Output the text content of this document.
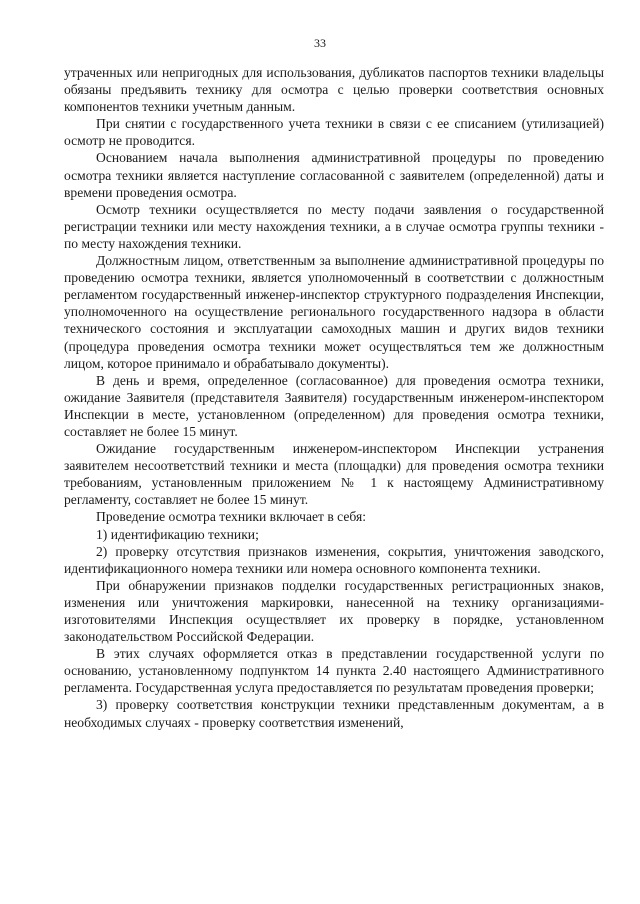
33

утраченных или непригодных для использования, дубликатов паспортов техники владельцы обязаны предъявить технику для осмотра с целью проверки соответствия основных компонентов техники учетным данным.

При снятии с государственного учета техники в связи с ее списанием (утилизацией) осмотр не проводится.

Основанием начала выполнения административной процедуры по проведению осмотра техники является наступление согласованной с заявителем (определенной) даты и времени проведения осмотра.

Осмотр техники осуществляется по месту подачи заявления о государственной регистрации техники или месту нахождения техники, а в случае осмотра группы техники - по месту нахождения техники.

Должностным лицом, ответственным за выполнение административной процедуры по проведению осмотра техники, является уполномоченный в соответствии с должностным регламентом государственный инженер-инспектор структурного подразделения Инспекции, уполномоченного на осуществление регионального государственного надзора в области технического состояния и эксплуатации самоходных машин и других видов техники (процедура проведения осмотра техники может осуществляться тем же должностным лицом, которое принимало и обрабатывало документы).

В день и время, определенное (согласованное) для проведения осмотра техники, ожидание Заявителя (представителя Заявителя) государственным инженером-инспектором Инспекции в месте, установленном (определенном) для проведения осмотра техники, составляет не более 15 минут.

Ожидание государственным инженером-инспектором Инспекции устранения заявителем несоответствий техники и места (площадки) для проведения осмотра техники требованиям, установленным приложением № 1 к настоящему Административному регламенту, составляет не более 15 минут.

Проведение осмотра техники включает в себя:

1) идентификацию техники;

2) проверку отсутствия признаков изменения, сокрытия, уничтожения заводского, идентификационного номера техники или номера основного компонента техники.

При обнаружении признаков подделки государственных регистрационных знаков, изменения или уничтожения маркировки, нанесенной на технику организациями-изготовителями Инспекция осуществляет их проверку в порядке, установленном законодательством Российской Федерации.

В этих случаях оформляется отказ в представлении государственной услуги по основанию, установленному подпунктом 14 пункта 2.40 настоящего Административного регламента. Государственная услуга предоставляется по результатам проведения проверки;

3) проверку соответствия конструкции техники представленным документам, а в необходимых случаях - проверку соответствия изменений,
